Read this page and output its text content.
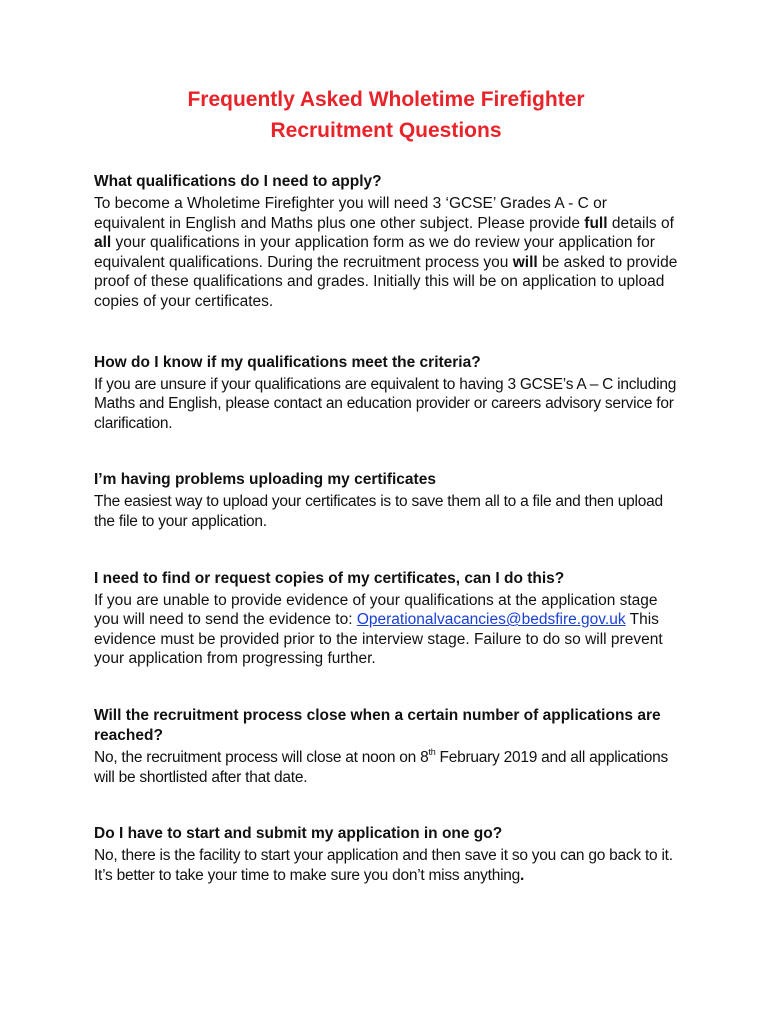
Frequently Asked Wholetime Firefighter
Recruitment Questions

What qualifications do I need to apply?

To become a Wholetime Firefighter you will need 3 ‘GCSE’ Grades A - C or equivalent in English and Maths plus one other subject. Please provide full details of all your qualifications in your application form as we do review your application for equivalent qualifications. During the recruitment process you will be asked to provide proof of these qualifications and grades. Initially this will be on application to upload copies of your certificates.

How do I know if my qualifications meet the criteria?

If you are unsure if your qualifications are equivalent to having 3 GCSE’s A – C including Maths and English, please contact an education provider or careers advisory service for clarification.

I’m having problems uploading my certificates

The easiest way to upload your certificates is to save them all to a file and then upload the file to your application.

I need to find or request copies of my certificates, can I do this?

If you are unable to provide evidence of your qualifications at the application stage you will need to send the evidence to: Operationalvacancies@bedsfire.gov.uk This evidence must be provided prior to the interview stage. Failure to do so will prevent your application from progressing further.

Will the recruitment process close when a certain number of applications are reached?

No, the recruitment process will close at noon on 8th February 2019 and all applications will be shortlisted after that date.

Do I have to start and submit my application in one go?

No, there is the facility to start your application and then save it so you can go back to it. It’s better to take your time to make sure you don’t miss anything.
